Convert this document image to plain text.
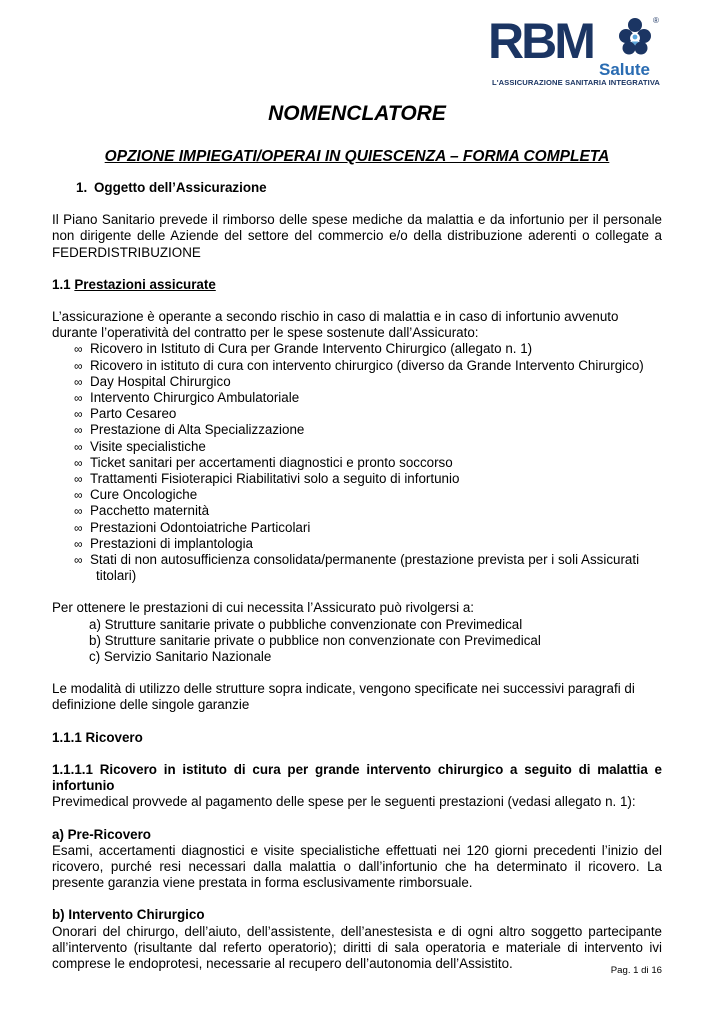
RBM	®
Salute
L'ASSICURAZIONE SANITARIA INTEGRATIVA
NOMENCLATORE
OPZIONE IMPIEGATI/OPERAI IN QUIESCENZA – FORMA COMPLETA
1. Oggetto dell’Assicurazione

Il Piano Sanitario prevede il rimborso delle spese mediche da malattia e da infortunio per il personale non dirigente delle Aziende del settore del commercio e/o della distribuzione aderenti o collegate a FEDERDISTRIBUZIONE

1.1 Prestazioni assicurate

L’assicurazione è operante a secondo rischio in caso di malattia e in caso di infortunio avvenuto

durante l’operatività del contratto per le spese sostenute dall’Assicurato:

∞ Ricovero in Istituto di Cura per Grande Intervento Chirurgico (allegato n. 1)
∞ Ricovero in istituto di cura con intervento chirurgico (diverso da Grande Intervento Chirurgico)
∞ Day Hospital Chirurgico
∞ Intervento Chirurgico Ambulatoriale
∞ Parto Cesareo
∞ Prestazione di Alta Specializzazione
∞ Visite specialistiche
∞ Ticket sanitari per accertamenti diagnostici e pronto soccorso
∞ Trattamenti Fisioterapici Riabilitativi solo a seguito di infortunio
∞ Cure Oncologiche
∞ Pacchetto maternità
∞ Prestazioni Odontoiatriche Particolari
∞ Prestazioni di implantologia
∞ Stati di non autosufficienza consolidata/permanente (prestazione prevista per i soli Assicurati
titolari)

Per ottenere le prestazioni di cui necessita l’Assicurato può rivolgersi a:

a) Strutture sanitarie private o pubbliche convenzionate con Previmedical

b) Strutture sanitarie private o pubblice non convenzionate con Previmedical

c) Servizio Sanitario Nazionale

Le modalità di utilizzo delle strutture sopra indicate, vengono specificate nei successivi paragrafi di

definizione delle singole garanzie

1.1.1 Ricovero

1.1.1.1 Ricovero in istituto di cura per grande intervento chirurgico a seguito di malattia e infortunio

Previmedical provvede al pagamento delle spese per le seguenti prestazioni (vedasi allegato n. 1):

a) Pre-Ricovero

Esami, accertamenti diagnostici e visite specialistiche effettuati nei 120 giorni precedenti l’inizio del ricovero, purché resi necessari dalla malattia o dall’infortunio che ha determinato il ricovero. La presente garanzia viene prestata in forma esclusivamente rimborsuale.

b) Intervento Chirurgico

Onorari del chirurgo, dell’aiuto, dell’assistente, dell’anestesista e di ogni altro soggetto partecipante all’intervento (risultante dal referto operatorio); diritti di sala operatoria e materiale di intervento ivi comprese le endoprotesi, necessarie al recupero dell’autonomia dell’Assistito.	Pag. 1 di 16
